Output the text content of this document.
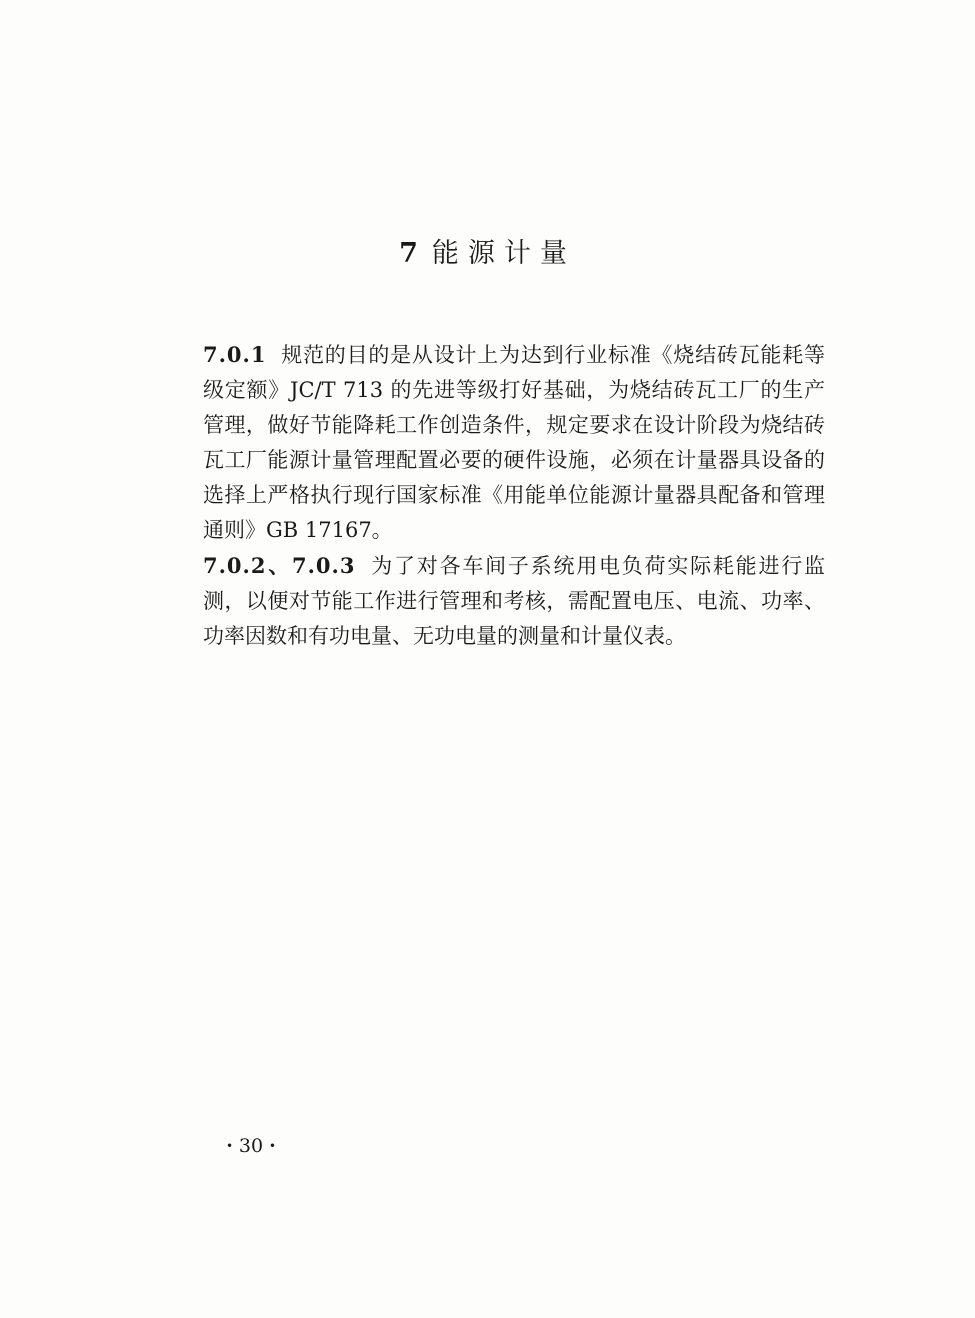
7 能源计量

7.0.1 规范的目的是从设计上为达到行业标准《烧结砖瓦能耗等级定额》JC/T 713 的先进等级打好基础，为烧结砖瓦工厂的生产管理，做好节能降耗工作创造条件，规定要求在设计阶段为烧结砖瓦工厂能源计量管理配置必要的硬件设施，必须在计量器具设备的选择上严格执行现行国家标准《用能单位能源计量器具配备和管理通则》GB 17167。

7.0.2、7.0.3 为了对各车间子系统用电负荷实际耗能进行监测，以便对节能工作进行管理和考核，需配置电压、电流、功率、功率因数和有功电量、无功电量的测量和计量仪表。

· 30 ·
